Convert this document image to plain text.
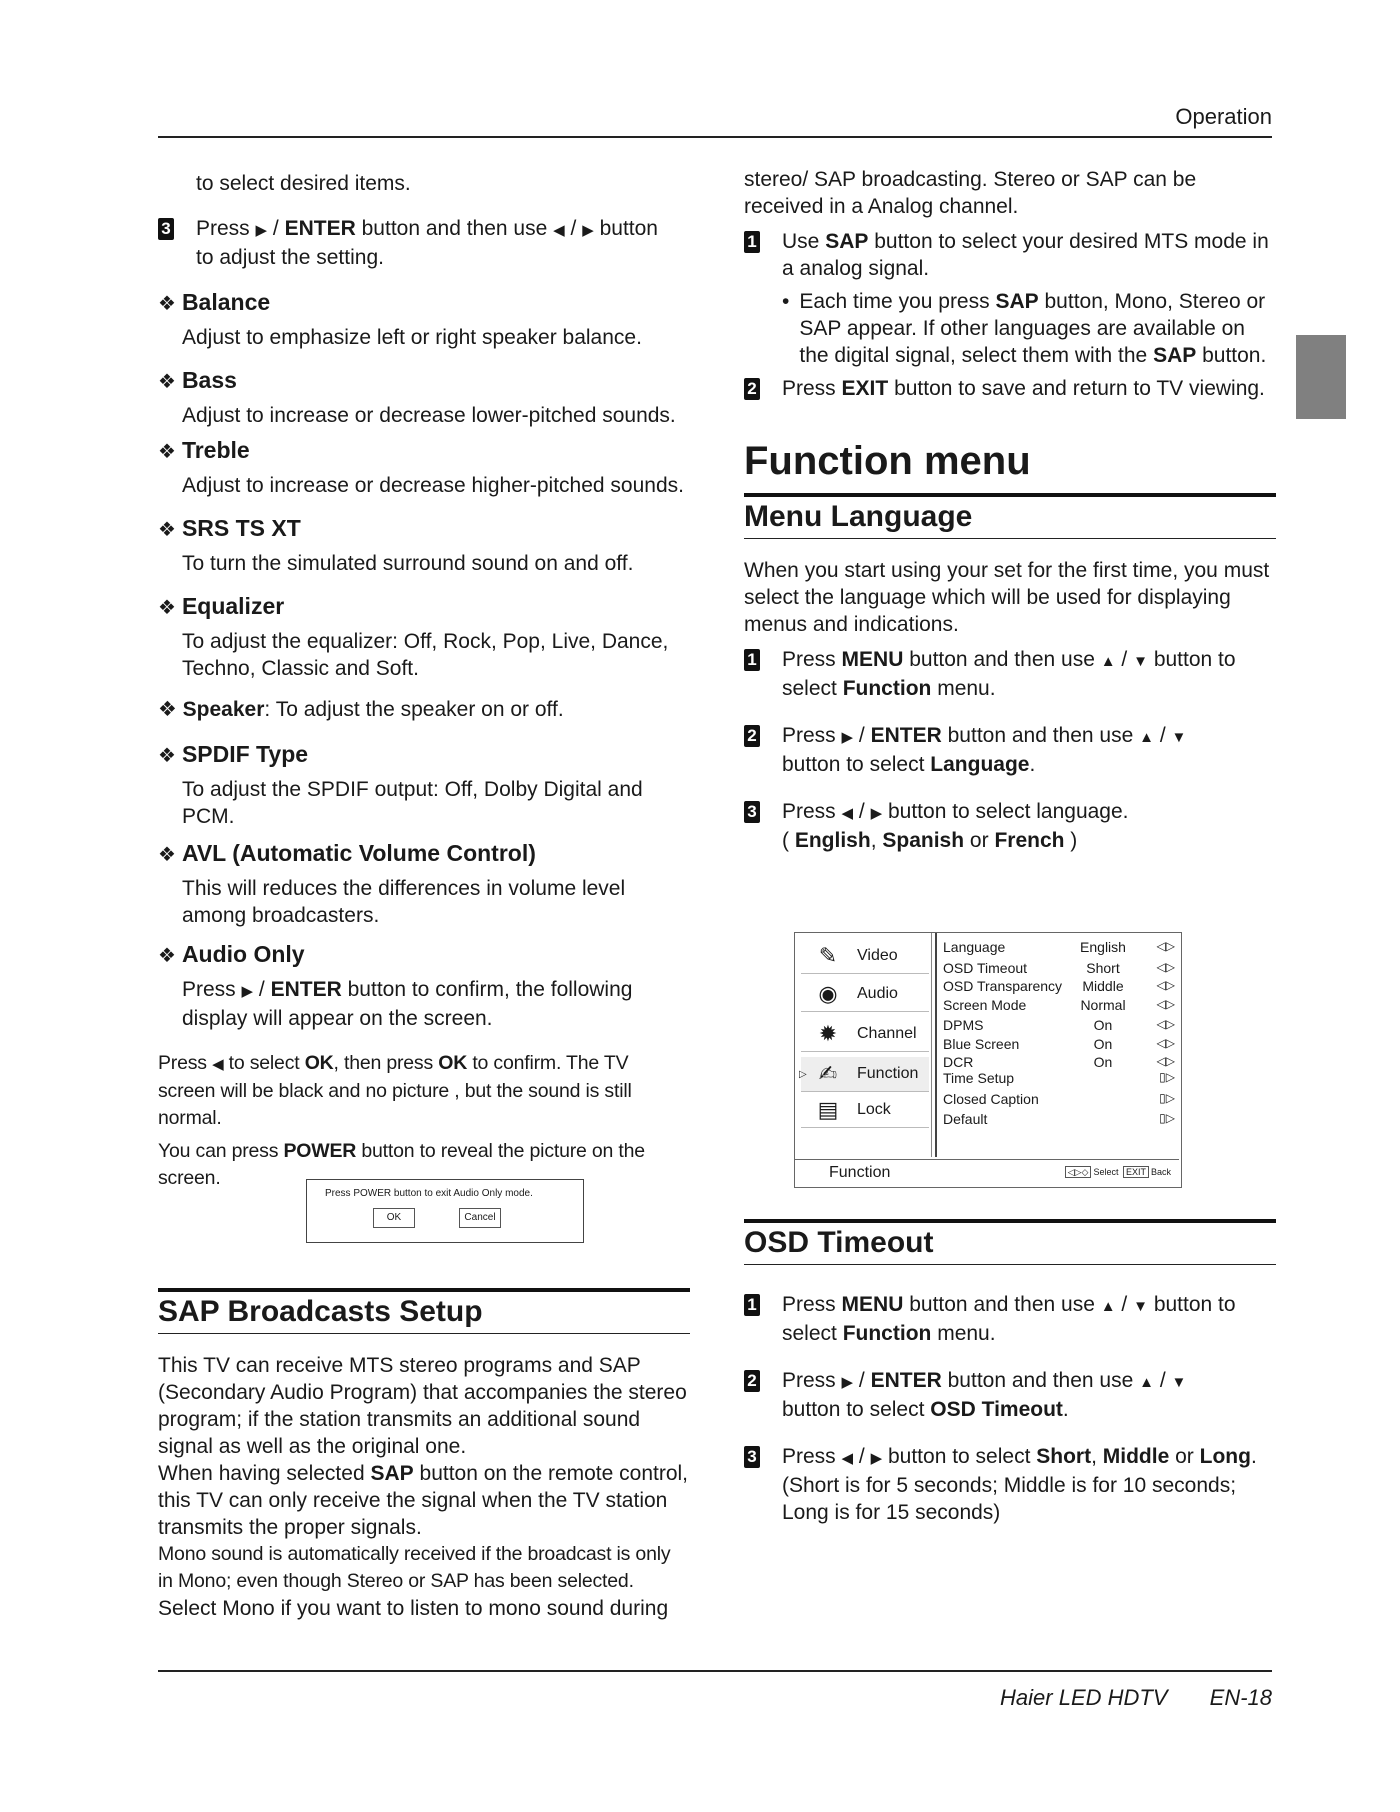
Operation

to select desired items.

3 Press ▶ / ENTER button and then use ◀ / ▶ button
to adjust the setting.

❖ Balance

Adjust to emphasize left or right speaker balance.

❖ Bass

Adjust to increase or decrease lower-pitched sounds.

❖ Treble

Adjust to increase or decrease higher-pitched sounds.

❖ SRS TS XT

To turn the simulated surround sound on and off.

❖ Equalizer

To adjust the equalizer: Off, Rock, Pop, Live, Dance, Techno, Classic and Soft.

❖ Speaker: To adjust the speaker on or off.

❖ SPDIF Type

To adjust the SPDIF output: Off, Dolby Digital and PCM.

❖ AVL (Automatic Volume Control)

This will reduces the differences in volume level among broadcasters.

❖ Audio Only

Press ▶ / ENTER button to confirm, the following display will appear on the screen.

Press ◀ to select OK, then press OK to confirm. The TV screen will be black and no picture , but the sound is still normal.

You can press POWER button to reveal the picture on the screen.

Press POWER button to exit Audio Only mode.
OK	Cancel
SAP Broadcasts Setup

This TV can receive MTS stereo programs and SAP (Secondary Audio Program) that accompanies the stereo program; if the station transmits an additional sound signal as well as the original one.

When having selected SAP button on the remote control, this TV can only receive the signal when the TV station transmits the proper signals.

Mono sound is automatically received if the broadcast is only in Mono; even though Stereo or SAP has been selected.

Select Mono if you want to listen to mono sound during

stereo/ SAP broadcasting. Stereo or SAP can be received in a Analog channel.

1 Use SAP button to select your desired MTS mode in a analog signal.

• Each time you press SAP button, Mono, Stereo or SAP appear. If other languages are available on the digital signal, select them with the SAP button.

2 Press EXIT button to save and return to TV viewing.

Function menu
Menu Language

When you start using your set for the first time, you must select the language which will be used for displaying menus and indications.

1 Press MENU button and then use ▲ / ▼ button to
select Function menu.

2 Press ▶ / ENTER button and then use ▲ / ▼
button to select Language.

3 Press ◀ / ▶ button to select language.
( English, Spanish or French )

✎	Video
◉	Audio
✹	Channel
▷ ✍	Function
▤ Lock
Language	English	◁▷
OSD Timeout	Short	◁▷
OSD Transparency	Middle	◁▷
Screen Mode	Normal	◁▷
DPMS	On	◁▷
Blue Screen	On	◁▷
DCR	On	◁▷
Time Setup	▯▷
Closed Caption	▯▷
Default	▯▷
Function	◁▷◇ Select EXIT Back
OSD Timeout
1 Press MENU button and then use ▲ / ▼ button to
select Function menu.

2 Press ▶ / ENTER button and then use ▲ / ▼
button to select OSD Timeout.

3 Press ◀ / ▶ button to select Short, Middle or Long.
(Short is for 5 seconds; Middle is for 10 seconds; Long is for 15 seconds)

Haier LED HDTV EN-18
